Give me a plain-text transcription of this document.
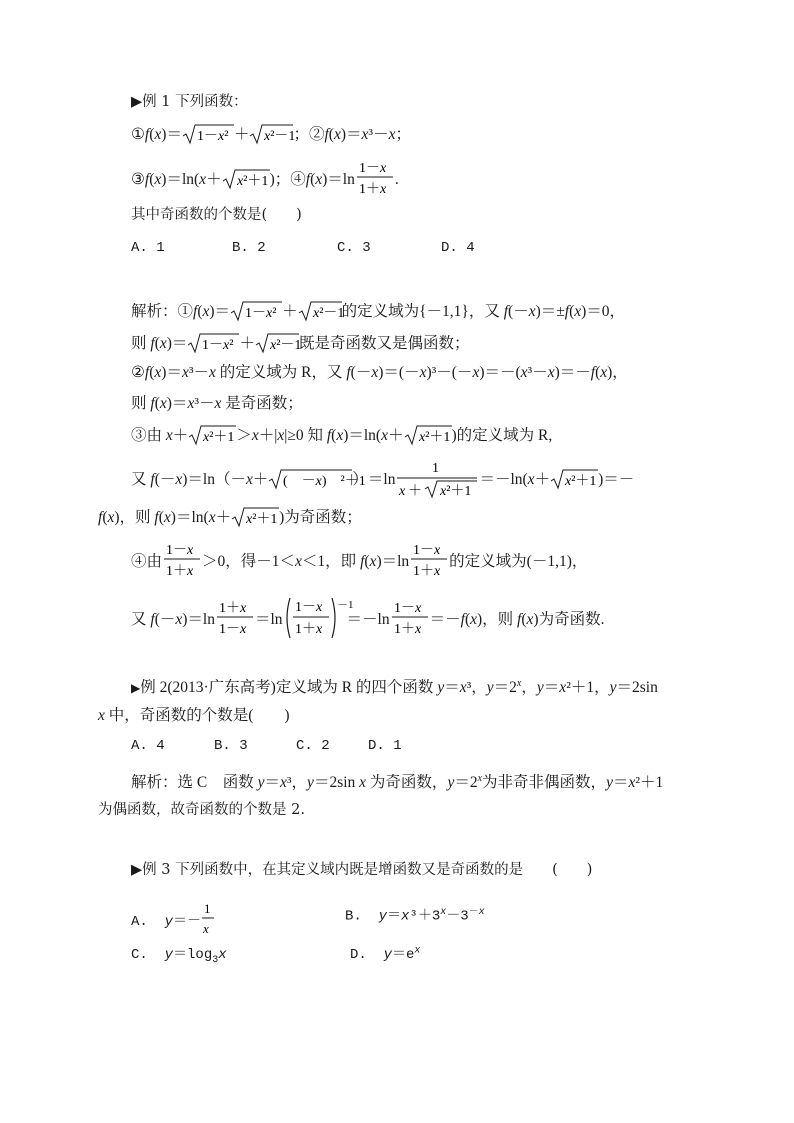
▶例 1 下列函数：
①f(x)＝ 1－x² ＋ x²－1
；②f(x)＝x³－x；
③f(x)＝ln(x＋ x²＋1 )；④f(x)＝ln
1－x
1＋x
.
其中奇函数的个数是(　　)
A. 1	B. 2	C. 3	D. 4
解析：①f(x)＝ 1－x² ＋ x²－1
的定义域为{－1,1}，又 f(－x)＝±f(x)＝0，
则 f(x)＝ 1－x² ＋ x²－1
既是奇函数又是偶函数；
②f(x)＝x³－x 的定义域为 R，又 f(－x)＝(－x)³－(－x)＝－(x³－x)＝－f(x)，
则 f(x)＝x³－x 是奇函数；
③由 x＋ x²＋1 ＞x＋|x|≥0 知 f(x)＝ln(x＋ x²＋1 )的定义域为 R,
又 f(－x)＝ln（－x＋ (　－x)　²＋1
）＝ln
1
x ＋ x²＋1
＝－ln(x＋ x²＋1 )＝－
f(x)，则 f(x)＝ln(x＋ x²＋1 )为奇函数；
④由
1－x
1＋x
＞0，得－1＜x＜1，即 f(x)＝ln
1－x
1＋x
的定义域为(－1,1)，
又 f(－x)＝ln
1＋x
1－x
＝ln
1－x
1＋x
－1
＝－ln
1－x
1＋x
＝－f(x)，则 f(x)为奇函数.
▶例 2(2013·广东高考)定义域为 R 的四个函数 y＝x³，$y=2^x$，y＝x²＋1，y＝2sin
x 中，奇函数的个数是(　　)
A. 4	B. 3	C. 2	D. 1
解析：选 C　函数 y＝x³，y＝2sin x 为奇函数，$y=2^x$为非奇非偶函数，y＝x²＋1
为偶函数，故奇函数的个数是 2.
▶例 3 下列函数中，在其定义域内既是增函数又是奇函数的是　　(　　)
A.  y＝－
1
x
B.  $y=x^3+3^x-3^{-x}$
C.  $y=\log_3x$	D.  $y=e^x$
